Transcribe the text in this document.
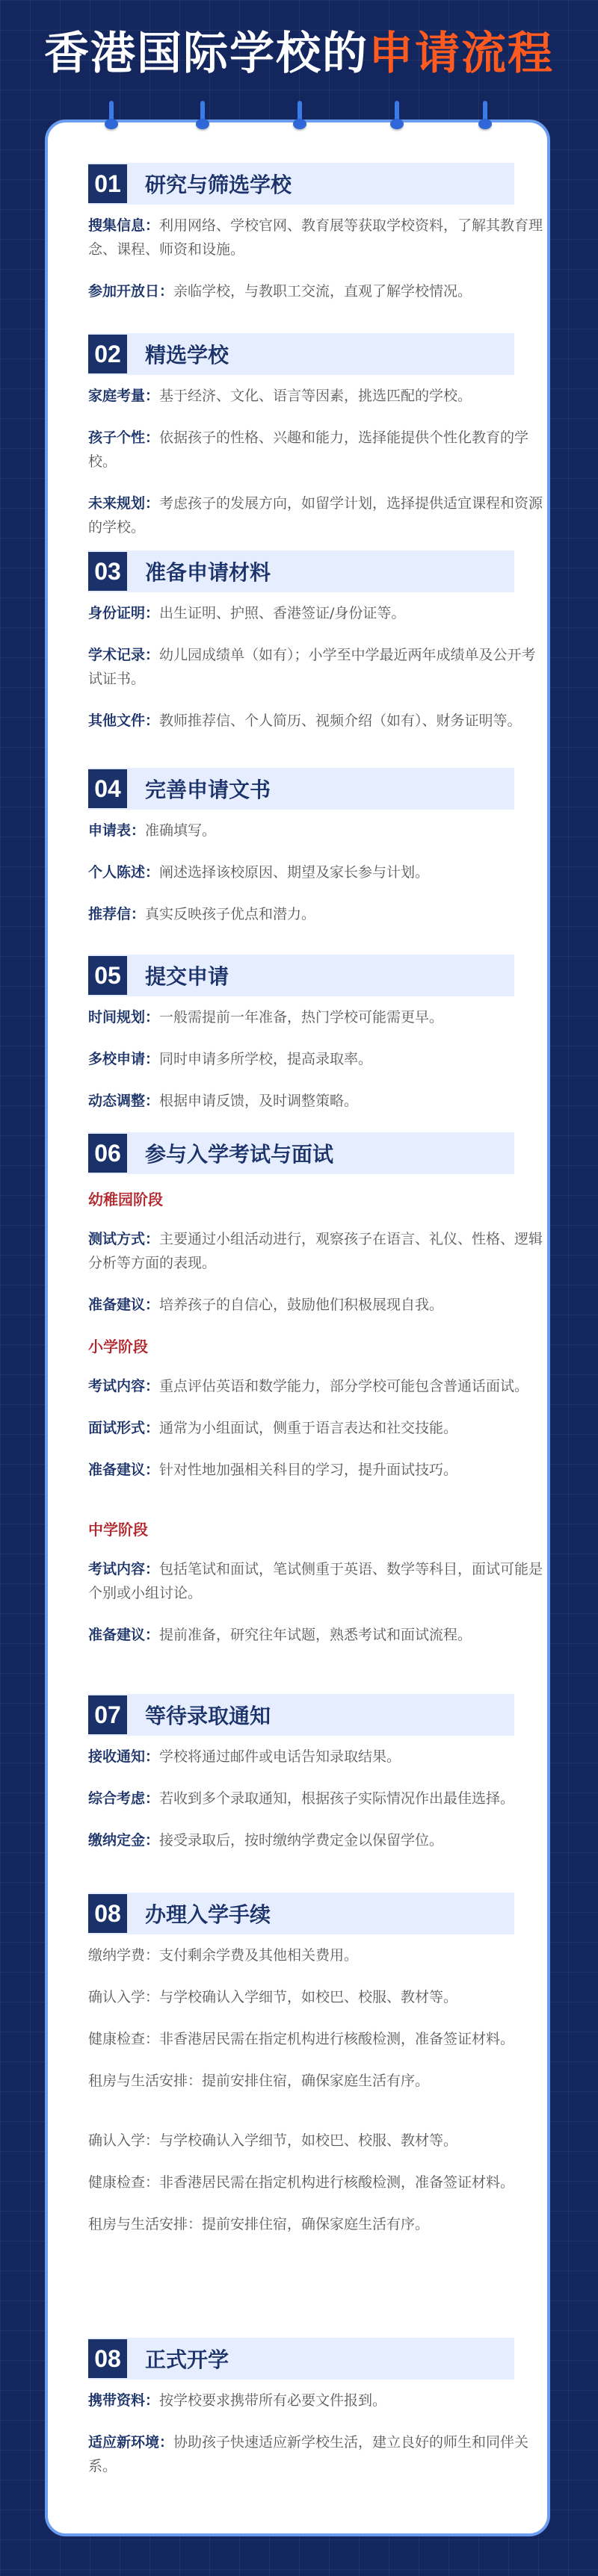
香港国际学校的申请流程
01 研究与筛选学校
搜集信息：利用网络、学校官网、教育展等获取学校资料，了解其教育理念、课程、师资和设施。
参加开放日：亲临学校，与教职工交流，直观了解学校情况。
02 精选学校
家庭考量：基于经济、文化、语言等因素，挑选匹配的学校。
孩子个性：依据孩子的性格、兴趣和能力，选择能提供个性化教育的学校。
未来规划：考虑孩子的发展方向，如留学计划，选择提供适宜课程和资源的学校。
03 准备申请材料
身份证明：出生证明、护照、香港签证/身份证等。
学术记录：幼儿园成绩单（如有）；小学至中学最近两年成绩单及公开考试证书。
其他文件：教师推荐信、个人简历、视频介绍（如有）、财务证明等。
04 完善申请文书
申请表：准确填写。
个人陈述：阐述选择该校原因、期望及家长参与计划。
推荐信：真实反映孩子优点和潜力。
05 提交申请
时间规划：一般需提前一年准备，热门学校可能需更早。
多校申请：同时申请多所学校，提高录取率。
动态调整：根据申请反馈，及时调整策略。
06 参与入学考试与面试
幼稚园阶段
测试方式：主要通过小组活动进行，观察孩子在语言、礼仪、性格、逻辑分析等方面的表现。
准备建议：培养孩子的自信心，鼓励他们积极展现自我。
小学阶段
考试内容：重点评估英语和数学能力，部分学校可能包含普通话面试。
面试形式：通常为小组面试，侧重于语言表达和社交技能。
准备建议：针对性地加强相关科目的学习，提升面试技巧。
中学阶段
考试内容：包括笔试和面试，笔试侧重于英语、数学等科目，面试可能是个别或小组讨论。
准备建议：提前准备，研究往年试题，熟悉考试和面试流程。
07 等待录取通知
接收通知：学校将通过邮件或电话告知录取结果。
综合考虑：若收到多个录取通知，根据孩子实际情况作出最佳选择。
缴纳定金：接受录取后，按时缴纳学费定金以保留学位。
08 办理入学手续
缴纳学费：支付剩余学费及其他相关费用。
确认入学：与学校确认入学细节，如校巴、校服、教材等。
健康检查：非香港居民需在指定机构进行核酸检测，准备签证材料。
租房与生活安排：提前安排住宿，确保家庭生活有序。
确认入学：与学校确认入学细节，如校巴、校服、教材等。
健康检查：非香港居民需在指定机构进行核酸检测，准备签证材料。
租房与生活安排：提前安排住宿，确保家庭生活有序。
08 正式开学
携带资料：按学校要求携带所有必要文件报到。
适应新环境：协助孩子快速适应新学校生活，建立良好的师生和同伴关系。
